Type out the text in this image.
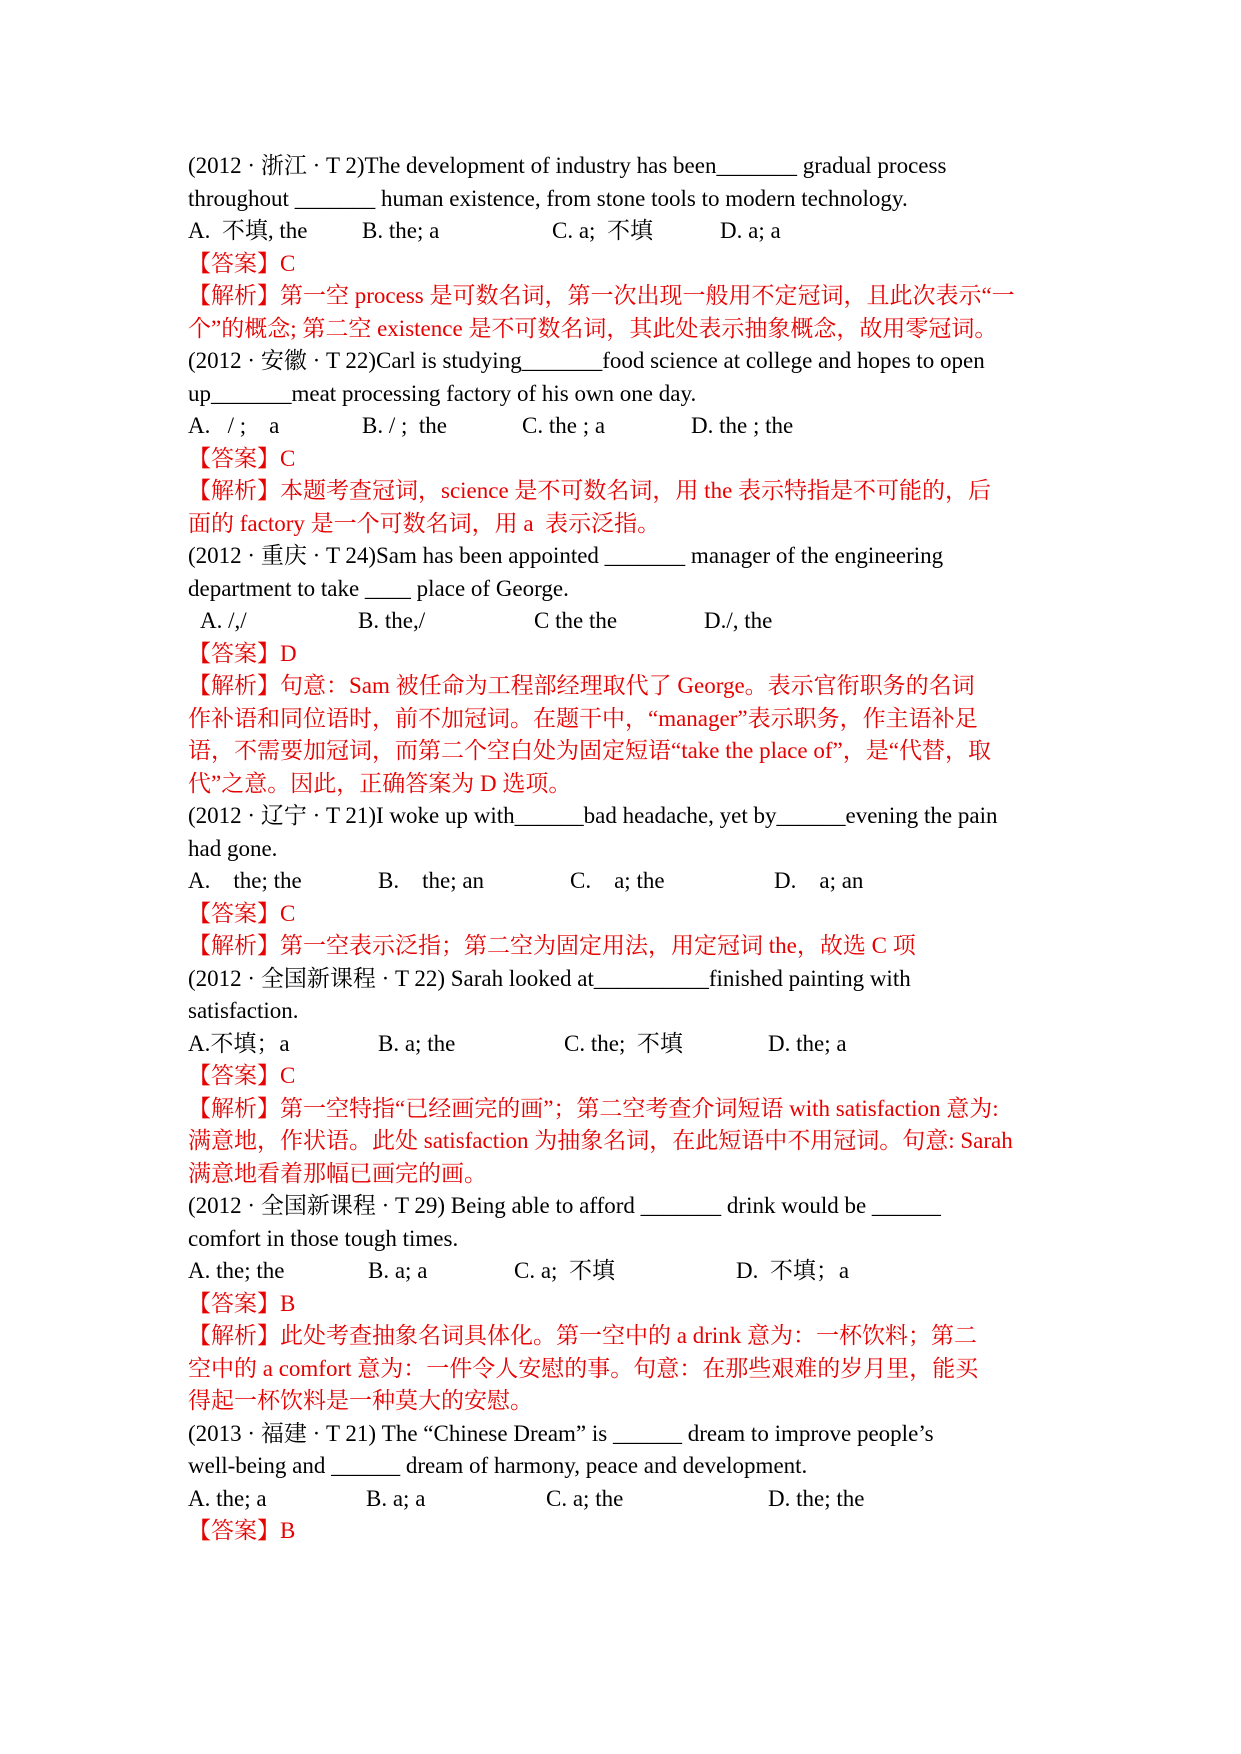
(2012 · 浙江 · T 2)The development of industry has been_______ gradual process
throughout _______ human existence, from stone tools to modern technology.

A.  不填, the

B. the; a

	C. a;  不填

	D. a; a

【答案】C
【解析】第一空 process 是可数名词，第一次出现一般用不定冠词，且此次表示“一
个”的概念; 第二空 existence 是不可数名词，其此处表示抽象概念，故用零冠词。
(2012 · 安徽 · T 22)Carl is studying_______food science at college and hopes to open
up_______meat processing factory of his own one day.

A.   / ;    a

	B. / ;  the

	C. the ; a

	D. the ; the

【答案】C
【解析】本题考查冠词，science 是不可数名词，用 the 表示特指是不可能的，后
面的 factory 是一个可数名词，用 a  表示泛指。
(2012 · 重庆 · T 24)Sam has been appointed _______ manager of the engineering
department to take ____ place of George.

A. /,/

	B. the,/

	C the the

	D./, the

【答案】D
【解析】句意：Sam 被任命为工程部经理取代了 George。表示官衔职务的名词
作补语和同位语时，前不加冠词。在题干中，“manager”表示职务，作主语补足
语，不需要加冠词，而第二个空白处为固定短语“take the place of”，是“代替，取
代”之意。因此，正确答案为 D 选项。
(2012 · 辽宁 · T 21)I woke up with______bad headache, yet by______evening the pain
had gone.

A.    the; the

	B.    the; an

	C.    a; the

	D.    a; an

【答案】C
【解析】第一空表示泛指；第二空为固定用法，用定冠词 the，故选 C 项
(2012 · 全国新课程 · T 22) Sarah looked at__________finished painting with
satisfaction.

A.不填；a

	B. a; the

	C. the;  不填

	D. the; a

【答案】C
【解析】第一空特指“已经画完的画”；第二空考查介词短语 with satisfaction 意为:
满意地，作状语。此处 satisfaction 为抽象名词，在此短语中不用冠词。句意: Sarah
满意地看着那幅已画完的画。
(2012 · 全国新课程 · T 29) Being able to afford _______ drink would be ______
comfort in those tough times.

A. the; the

	B. a; a

	C. a;  不填

	D.  不填；a

【答案】B
【解析】此处考查抽象名词具体化。第一空中的 a drink 意为：一杯饮料；第二
空中的 a comfort 意为：一件令人安慰的事。句意：在那些艰难的岁月里，能买
得起一杯饮料是一种莫大的安慰。
(2013 · 福建 · T 21) The “Chinese Dream” is ______ dream to improve people’s
well-being and ______ dream of harmony, peace and development.

A. the; a

	B. a; a

	C. a; the

	D. the; the

【答案】B
